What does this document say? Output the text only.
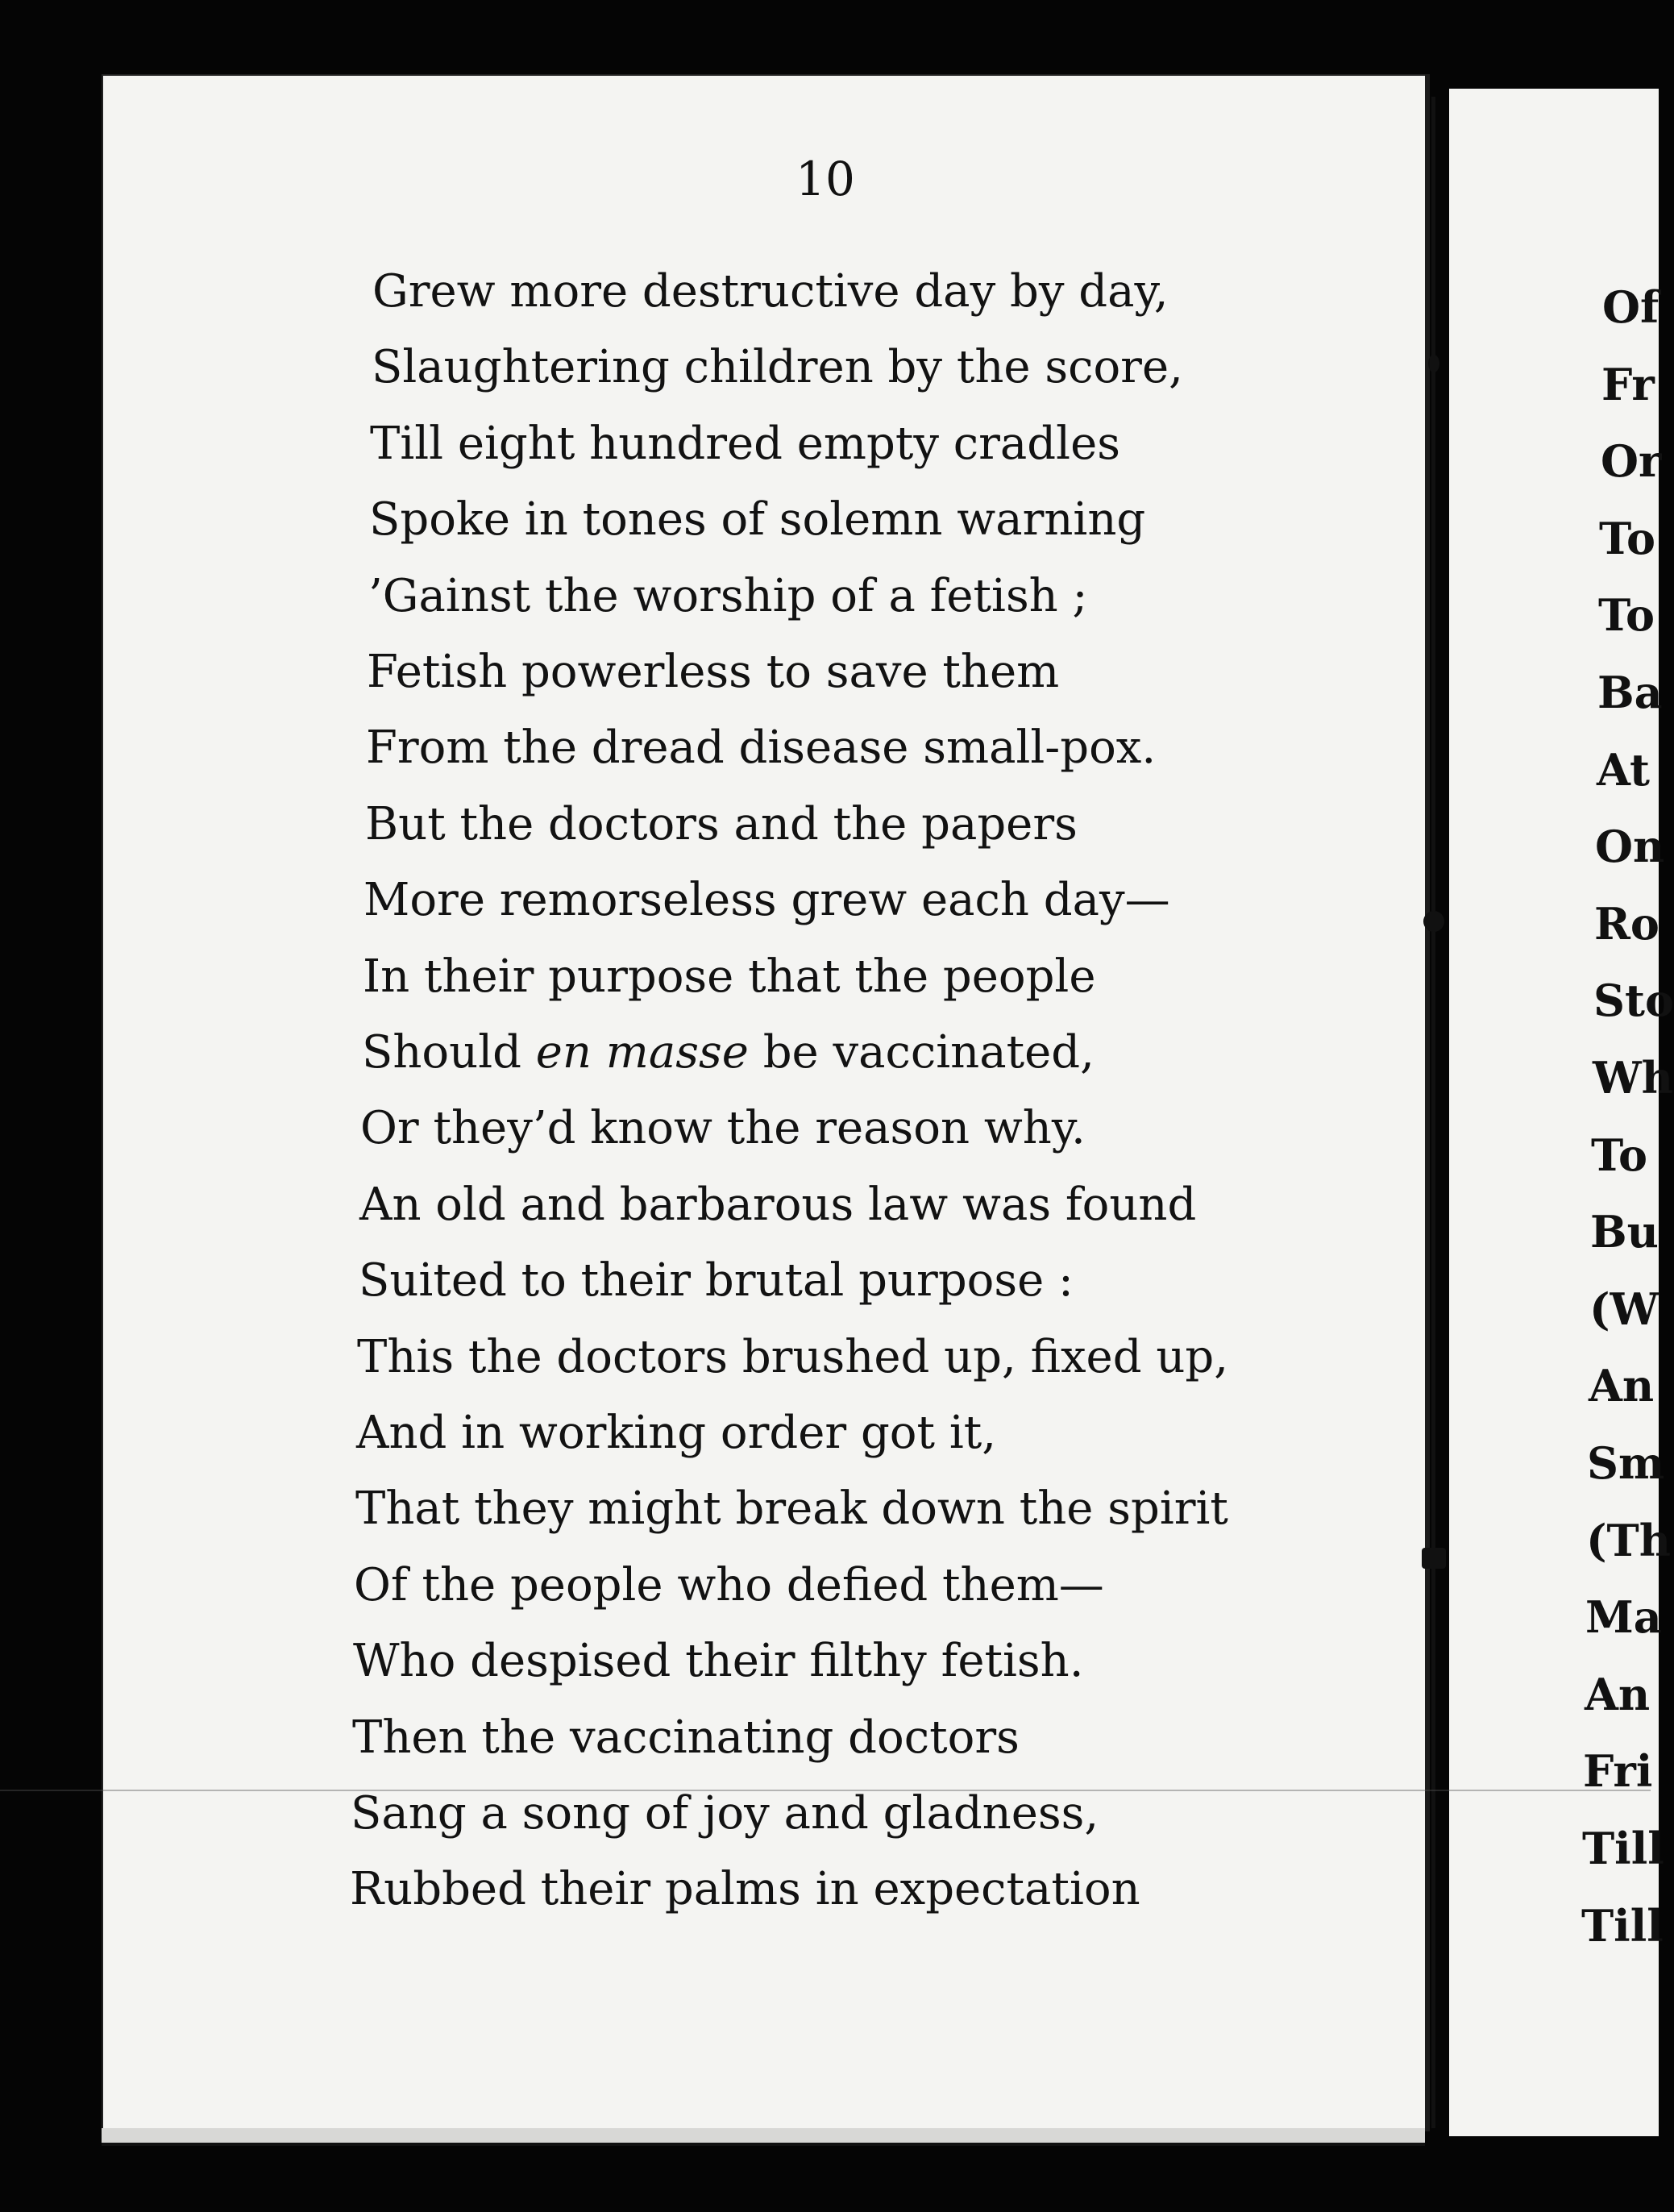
10
Grew more destructive day by day,
Slaughtering children by the score,
Till eight hundred empty cradles
Spoke in tones of solemn warning
’Gainst the worship of a fetish ;
Fetish powerless to save them
From the dread disease small-pox.
But the doctors and the papers
More remorseless grew each day—
In their purpose that the people
Should en masse be vaccinated,
Or they’d know the reason why.
An old and barbarous law was found
Suited to their brutal purpose :
This the doctors brushed up, fixed up,
And in working order got it,
That they might break down the spirit
Of the people who defied them—
Who despised their filthy fetish.
Then the vaccinating doctors
Sang a song of joy and gladness,
Rubbed their palms in expectation
Of
Fr
Or
To
To
Ba
At
On
Ro
Sto
Wh
To
Bu
(W
An
Sm
(Th
Ma
An
Fri
Till
Till
